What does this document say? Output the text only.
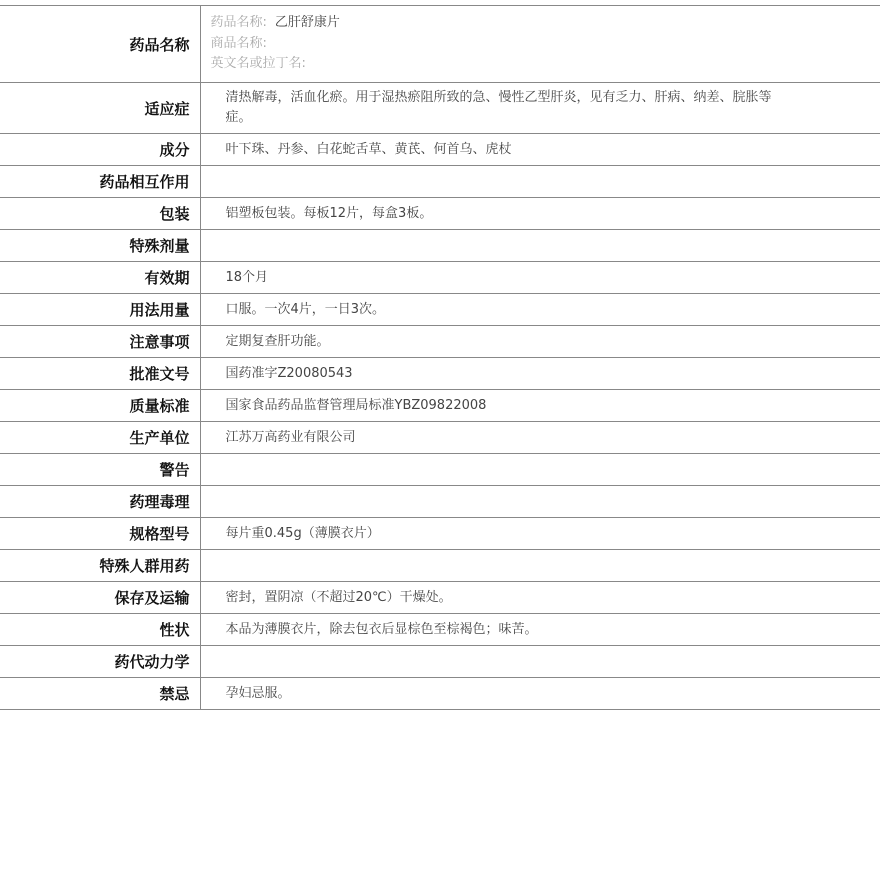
药品名称	药品名称: 乙肝舒康片
商品名称:
英文名或拉丁名:

适应症	清热解毒，活血化瘀。用于湿热瘀阻所致的急、慢性乙型肝炎，见有乏力、肝病、纳差、脘胀等症。
成分	叶下珠、丹参、白花蛇舌草、黄芪、何首乌、虎杖
药品相互作用	
包装	铝塑板包装。每板12片，每盒3板。
特殊剂量	
有效期	18个月
用法用量	口服。一次4片，一日3次。
注意事项	定期复查肝功能。
批准文号	国药准字Z20080543
质量标准	国家食品药品监督管理局标准YBZ09822008
生产单位	江苏万高药业有限公司
警告	
药理毒理	
规格型号	每片重0.45g（薄膜衣片）
特殊人群用药	
保存及运输	密封，置阴凉（不超过20℃）干燥处。
性状	本品为薄膜衣片，除去包衣后显棕色至棕褐色；味苦。
药代动力学	
禁忌	孕妇忌服。
